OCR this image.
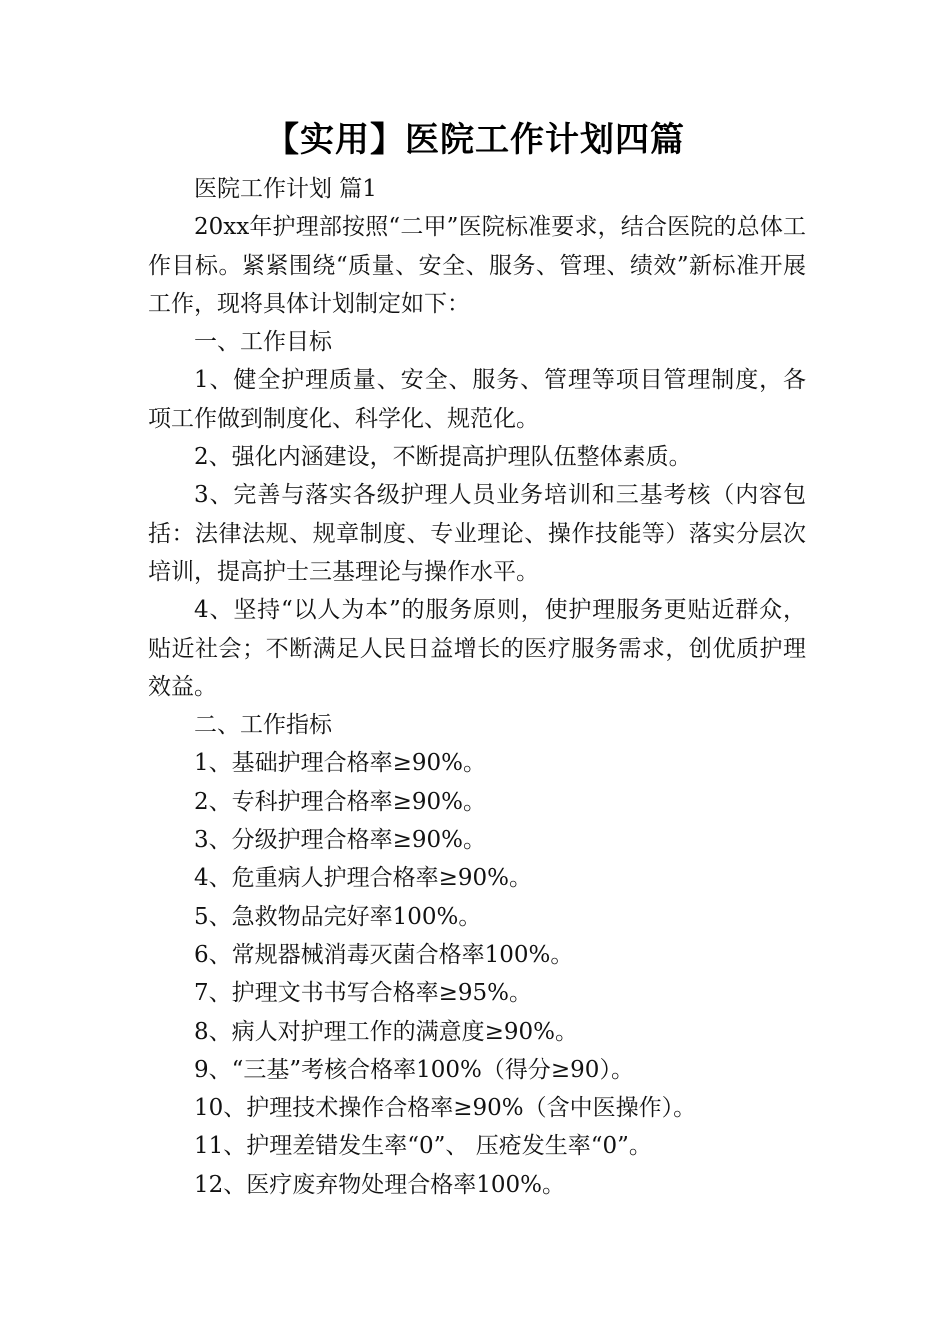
【实用】医院工作计划四篇

医院工作计划 篇1

20xx年护理部按照“二甲”医院标准要求，结合医院的总体工作目标。紧紧围绕“质量、安全、服务、管理、绩效”新标准开展工作，现将具体计划制定如下：

一、工作目标

1、健全护理质量、安全、服务、管理等项目管理制度，各项工作做到制度化、科学化、规范化。

2、强化内涵建设，不断提高护理队伍整体素质。

3、完善与落实各级护理人员业务培训和三基考核（内容包括：法律法规、规章制度、专业理论、操作技能等）落实分层次培训，提高护士三基理论与操作水平。

4、坚持“以人为本”的服务原则，使护理服务更贴近群众，贴近社会；不断满足人民日益增长的医疗服务需求，创优质护理效益。

二、工作指标

1、基础护理合格率≥90%。

2、专科护理合格率≥90%。

3、分级护理合格率≥90%。

4、危重病人护理合格率≥90%。

5、急救物品完好率100%。

6、常规器械消毒灭菌合格率100%。

7、护理文书书写合格率≥95%。

8、病人对护理工作的满意度≥90%。

9、“三基”考核合格率100%（得分≥90）。

10、护理技术操作合格率≥90%（含中医操作）。

11、护理差错发生率“0”、 压疮发生率“0”。

12、医疗废弃物处理合格率100%。
